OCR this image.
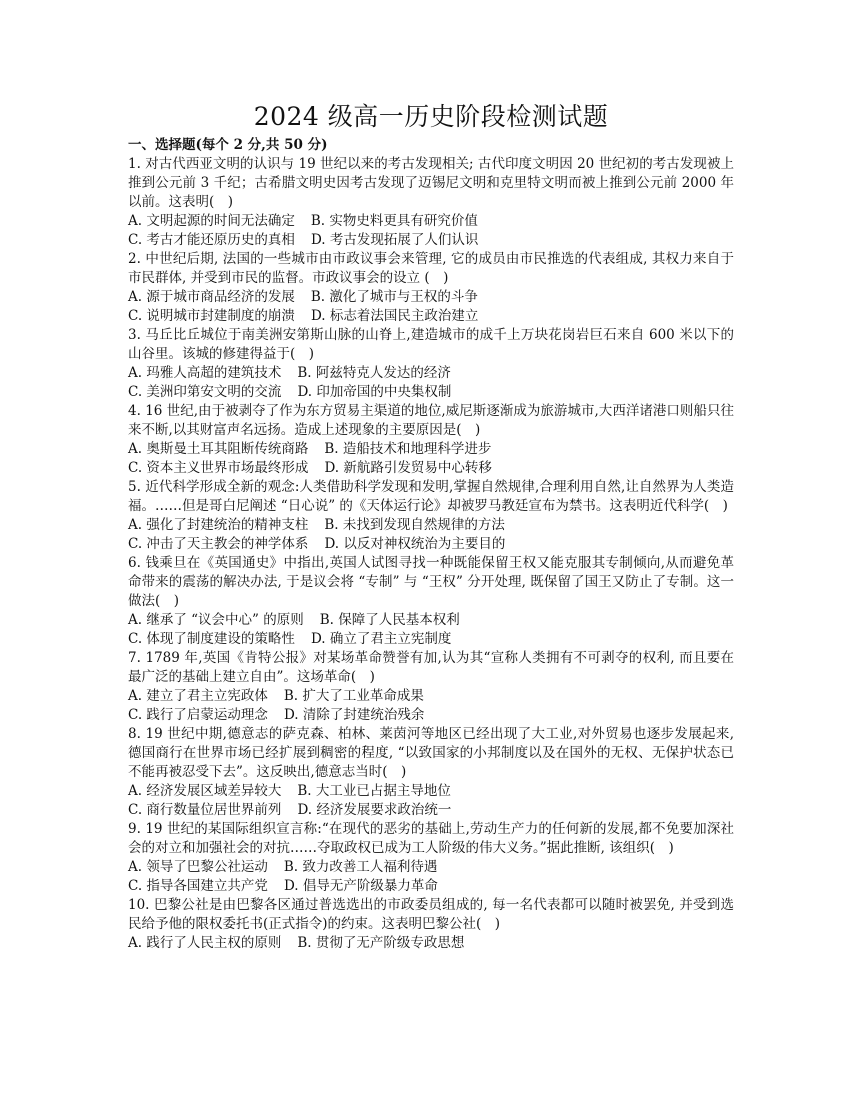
2024 级高一历史阶段检测试题
一、选择题(每个 2 分,共 50 分)
1. 对古代西亚文明的认识与 19 世纪以来的考古发现相关; 古代印度文明因 20 世纪初的考古发现被上推到公元前 3 千纪；古希腊文明史因考古发现了迈锡尼文明和克里特文明而被上推到公元前 2000 年以前。这表明(　)
A. 文明起源的时间无法确定 B. 实物史料更具有研究价值
C. 考古才能还原历史的真相 D. 考古发现拓展了人们认识
2. 中世纪后期, 法国的一些城市由市政议事会来管理, 它的成员由市民推选的代表组成, 其权力来自于市民群体, 并受到市民的监督。市政议事会的设立 (　)
A. 源于城市商品经济的发展 B. 激化了城市与王权的斗争
C. 说明城市封建制度的崩溃 D. 标志着法国民主政治建立
3. 马丘比丘城位于南美洲安第斯山脉的山脊上,建造城市的成千上万块花岗岩巨石来自 600 米以下的山谷里。该城的修建得益于(　)
A. 玛雅人高超的建筑技术 B. 阿兹特克人发达的经济
C. 美洲印第安文明的交流 D. 印加帝国的中央集权制
4. 16 世纪,由于被剥夺了作为东方贸易主渠道的地位,威尼斯逐渐成为旅游城市,大西洋诸港口则船只往来不断,以其财富声名远扬。造成上述现象的主要原因是(　)
A. 奥斯曼土耳其阻断传统商路 B. 造船技术和地理科学进步
C. 资本主义世界市场最终形成 D. 新航路引发贸易中心转移
5. 近代科学形成全新的观念:人类借助科学发现和发明,掌握自然规律,合理利用自然,让自然界为人类造福。……但是哥白尼阐述 “日心说” 的《天体运行论》却被罗马教廷宣布为禁书。这表明近代科学(　)
A. 强化了封建统治的精神支柱 B. 未找到发现自然规律的方法
C. 冲击了天主教会的神学体系 D. 以反对神权统治为主要目的
6. 钱乘旦在《英国通史》中指出,英国人试图寻找一种既能保留王权又能克服其专制倾向,从而避免革命带来的震荡的解决办法, 于是议会将 “专制” 与 “王权” 分开处理, 既保留了国王又防止了专制。这一做法(　)
A. 继承了 “议会中心” 的原则 B. 保障了人民基本权利
C. 体现了制度建设的策略性 D. 确立了君主立宪制度
7. 1789 年,英国《肯特公报》对某场革命赞誉有加,认为其“宣称人类拥有不可剥夺的权利, 而且要在最广泛的基础上建立自由”。这场革命(　)
A. 建立了君主立宪政体 B. 扩大了工业革命成果
C. 践行了启蒙运动理念 D. 清除了封建统治残余
8. 19 世纪中期,德意志的萨克森、柏林、莱茵河等地区已经出现了大工业,对外贸易也逐步发展起来, 德国商行在世界市场已经扩展到稠密的程度, “以致国家的小邦制度以及在国外的无权、无保护状态已不能再被忍受下去”。这反映出,德意志当时(　)
A. 经济发展区域差异较大 B. 大工业已占据主导地位
C. 商行数量位居世界前列 D. 经济发展要求政治统一
9. 19 世纪的某国际组织宣言称:“在现代的恶劣的基础上,劳动生产力的任何新的发展,都不免要加深社会的对立和加强社会的对抗……夺取政权已成为工人阶级的伟大义务。”据此推断, 该组织(　)
A. 领导了巴黎公社运动 B. 致力改善工人福利待遇
C. 指导各国建立共产党 D. 倡导无产阶级暴力革命
10. 巴黎公社是由巴黎各区通过普选选出的市政委员组成的, 每一名代表都可以随时被罢免, 并受到选民给予他的限权委托书(正式指令)的约束。这表明巴黎公社(　)
A. 践行了人民主权的原则 B. 贯彻了无产阶级专政思想
